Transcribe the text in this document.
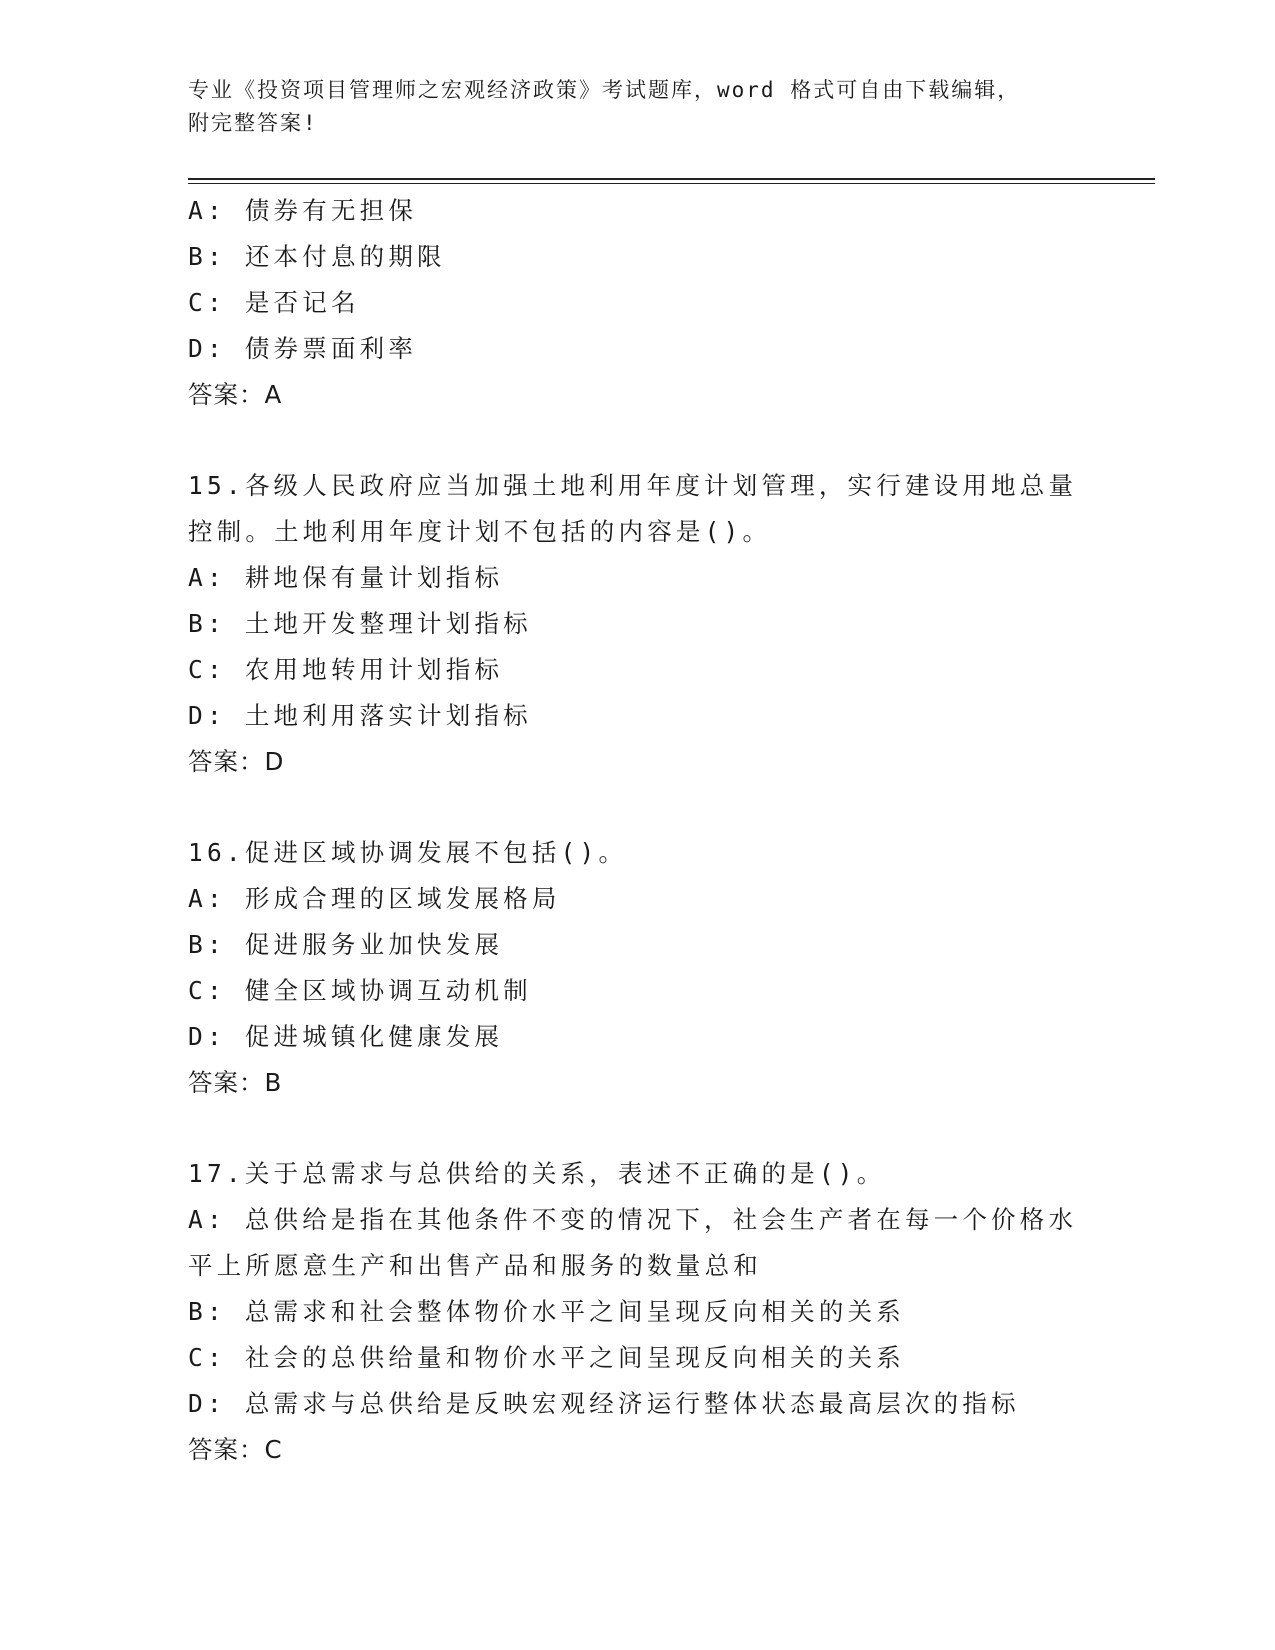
专业《投资项目管理师之宏观经济政策》考试题库，word 格式可自由下载编辑，
附完整答案!
A: 债券有无担保
B: 还本付息的期限
C: 是否记名
D: 债券票面利率
答案：A
15.各级人民政府应当加强土地利用年度计划管理，实行建设用地总量
控制。土地利用年度计划不包括的内容是()。
A: 耕地保有量计划指标
B: 土地开发整理计划指标
C: 农用地转用计划指标
D: 土地利用落实计划指标
答案：D
16.促进区域协调发展不包括()。
A: 形成合理的区域发展格局
B: 促进服务业加快发展
C: 健全区域协调互动机制
D: 促进城镇化健康发展
答案：B
17.关于总需求与总供给的关系，表述不正确的是()。
A: 总供给是指在其他条件不变的情况下，社会生产者在每一个价格水
平上所愿意生产和出售产品和服务的数量总和
B: 总需求和社会整体物价水平之间呈现反向相关的关系
C: 社会的总供给量和物价水平之间呈现反向相关的关系
D: 总需求与总供给是反映宏观经济运行整体状态最高层次的指标
答案：C
